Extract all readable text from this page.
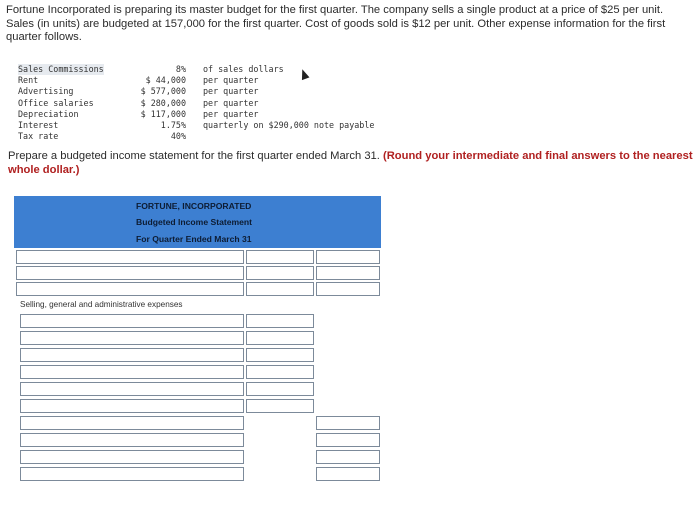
Fortune Incorporated is preparing its master budget for the first quarter. The company sells a single product at a price of $25 per unit. Sales (in units) are budgeted at 157,000 for the first quarter. Cost of goods sold is $12 per unit. Other expense information for the first quarter follows.
Sales Commissions	8% of sales dollars
Rent	$ 44,000 per quarter
Advertising	$ 577,000 per quarter
Office salaries	$ 280,000 per quarter
Depreciation	$ 117,000 per quarter
Interest	1.75% quarterly on $290,000 note payable
Tax rate	40%
Prepare a budgeted income statement for the first quarter ended March 31. (Round your intermediate and final answers to the nearest whole dollar.)
FORTUNE, INCORPORATED
Budgeted Income Statement
For Quarter Ended March 31
Selling, general and administrative expenses
